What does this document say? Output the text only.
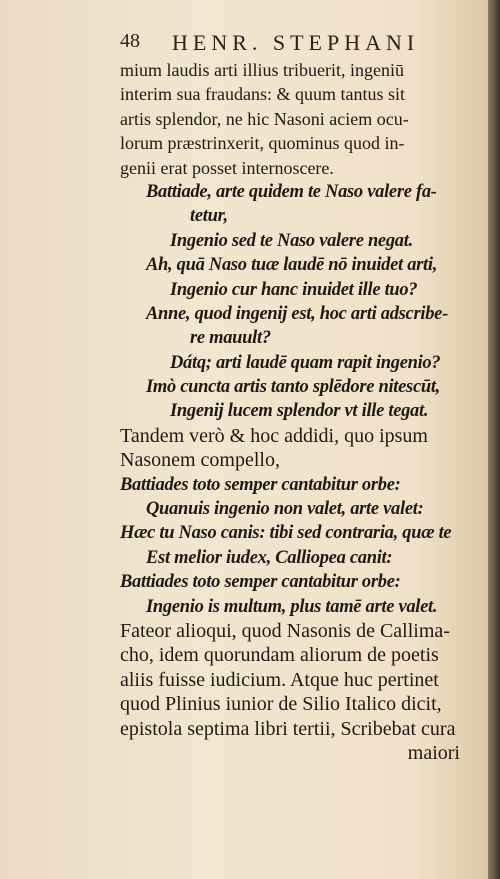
48 HENR. STEPHANI
mium laudis arti illius tribuerit, ingeniū
interim sua fraudans: & quum tantus sit
artis splendor, ne hic Nasoni aciem ocu-
lorum præstrinxerit, quominus quod in-
genii erat posset internoscere.
Battiade, arte quidem te Naso valere fa-
tetur,
Ingenio sed te Naso valere negat.
Ah, quā Naso tuæ laudē nō inuidet arti,
Ingenio cur hanc inuidet ille tuo?
Anne, quod ingenij est, hoc arti adscribe-
re mauult?
Dátq; arti laudē quam rapit ingenio?
Imò cuncta artis tanto splēdore nitescūt,
Ingenij lucem splendor vt ille tegat.
Tandem verò & hoc addidi, quo ipsum
Nasonem compello,
Battiades toto semper cantabitur orbe:
Quanuis ingenio non valet, arte valet:
Hæc tu Naso canis: tibi sed contraria, quæ te
Est melior iudex, Calliopea canit:
Battiades toto semper cantabitur orbe:
Ingenio is multum, plus tamē arte valet.
Fateor alioqui, quod Nasonis de Callima-
cho, idem quorundam aliorum de poetis
aliis fuisse iudicium. Atque huc pertinet
quod Plinius iunior de Silio Italico dicit,
epistola septima libri tertii, Scribebat cura
maiori
